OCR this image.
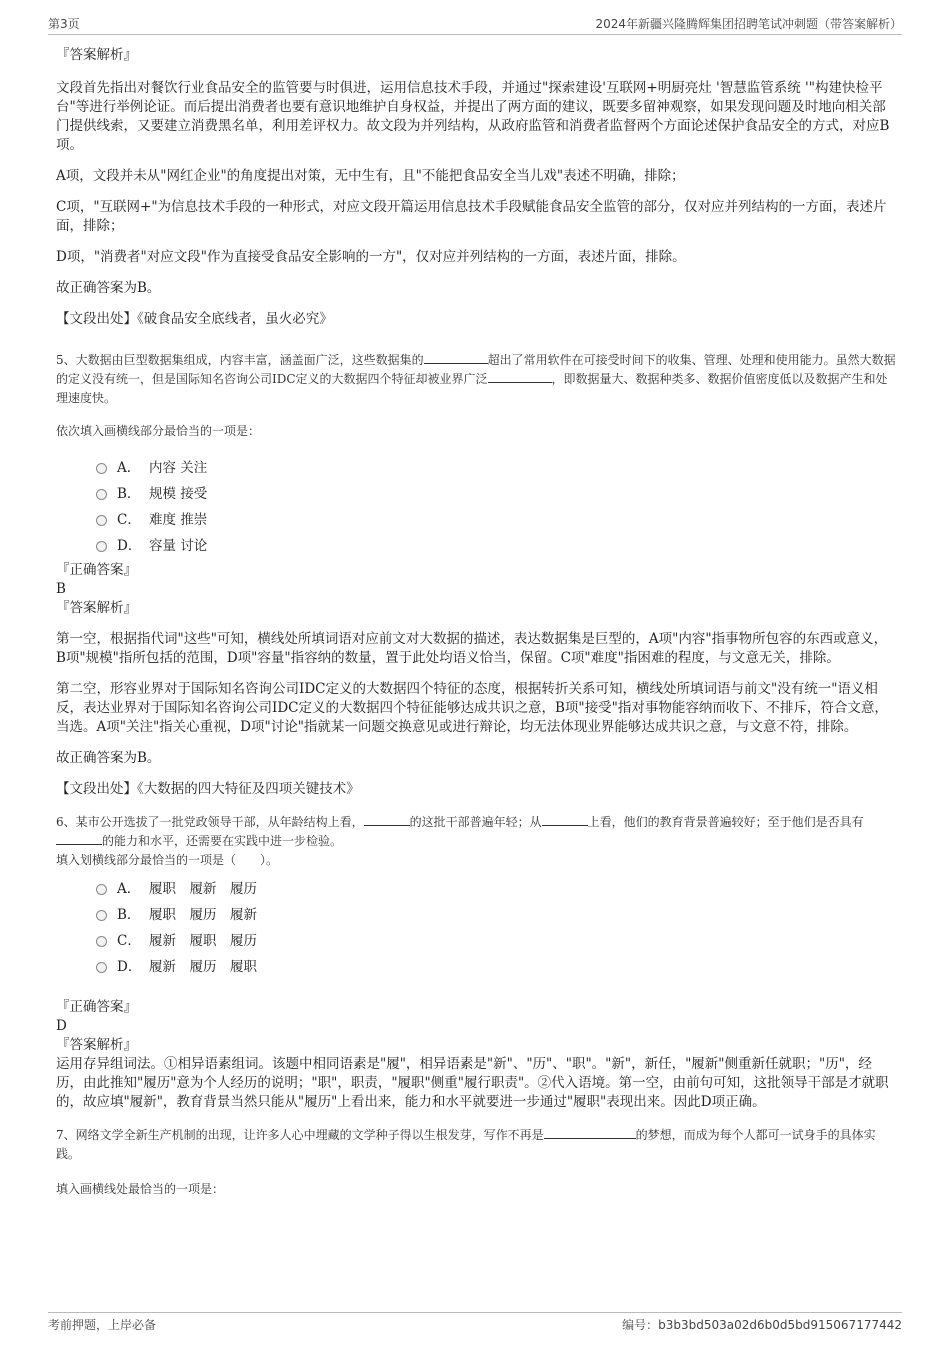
第3页	2024年新疆兴隆腾辉集团招聘笔试冲刺题（带答案解析）

『答案解析』

文段首先指出对餐饮行业食品安全的监管要与时俱进，运用信息技术手段，并通过"探索建设'互联网+明厨亮灶 '智慧监管系统 '"构建快检平台"等进行举例论证。而后提出消费者也要有意识地维护自身权益，并提出了两方面的建议，既要多留神观察，如果发现问题及时地向相关部门提供线索，又要建立消费黑名单，利用差评权力。故文段为并列结构，从政府监管和消费者监督两个方面论述保护食品安全的方式，对应B项。

A项，文段并未从"网红企业"的角度提出对策，无中生有，且"不能把食品安全当儿戏"表述不明确，排除；

C项，"互联网+"为信息技术手段的一种形式，对应文段开篇运用信息技术手段赋能食品安全监管的部分，仅对应并列结构的一方面，表述片面，排除；

D项，"消费者"对应文段"作为直接受食品安全影响的一方"，仅对应并列结构的一方面，表述片面，排除。

故正确答案为B。

【文段出处】《破食品安全底线者，虽火必究》

5、大数据由巨型数据集组成，内容丰富，涵盖面广泛，这些数据集的	超出了常用软件在可接受时间下的收集、管理、处理和使用能力。虽然大数据的定义没有统一，但是国际知名咨询公司IDC定义的大数据四个特征却被业界广泛	，即数据量大、数据种类多、数据价值密度低以及数据产生和处理速度快。

依次填入画横线部分最恰当的一项是：

A． 内容 关注
B． 规模 接受
C． 难度 推崇
D． 容量 讨论

『正确答案』

B

『答案解析』

第一空，根据指代词"这些"可知，横线处所填词语对应前文对大数据的描述，表达数据集是巨型的，A项"内容"指事物所包容的东西或意义，B项"规模"指所包括的范围，D项"容量"指容纳的数量，置于此处均语义恰当，保留。C项"难度"指困难的程度，与文意无关，排除。

第二空，形容业界对于国际知名咨询公司IDC定义的大数据四个特征的态度，根据转折关系可知，横线处所填词语与前文"没有统一"语义相反，表达业界对于国际知名咨询公司IDC定义的大数据四个特征能够达成共识之意，B项"接受"指对事物能容纳而收下、不排斥，符合文意，当选。A项"关注"指关心重视，D项"讨论"指就某一问题交换意见或进行辩论，均无法体现业界能够达成共识之意，与文意不符，排除。

故正确答案为B。

【文段出处】《大数据的四大特征及四项关键技术》

6、某市公开选拔了一批党政领导干部，从年龄结构上看，	的这批干部普遍年轻；从	上看，他们的教育背景普遍较好；至于他们是否具有的能力和水平，还需要在实践中进一步检验。

填入划横线部分最恰当的一项是（　　）。

A． 履职　履新　履历
B． 履职　履历　履新
C． 履新　履职　履历
D． 履新　履历　履职

『正确答案』

D

『答案解析』

运用存异组词法。①相异语素组词。该题中相同语素是"履"，相异语素是"新"、"历"、"职"。"新"，新任，"履新"侧重新任就职；"历"，经历，由此推知"履历"意为个人经历的说明；"职"，职责，"履职"侧重"履行职责"。②代入语境。第一空，由前句可知，这批领导干部是才就职的，故应填"履新"，教育背景当然只能从"履历"上看出来，能力和水平就要进一步通过"履职"表现出来。因此D项正确。

7、网络文学全新生产机制的出现，让许多人心中埋藏的文学种子得以生根发芽，写作不再是	的梦想，而成为每个人都可一试身手的具体实践。

填入画横线处最恰当的一项是：

考前押题，上岸必备	编号：b3b3bd503a02d6b0d5bd915067177442
